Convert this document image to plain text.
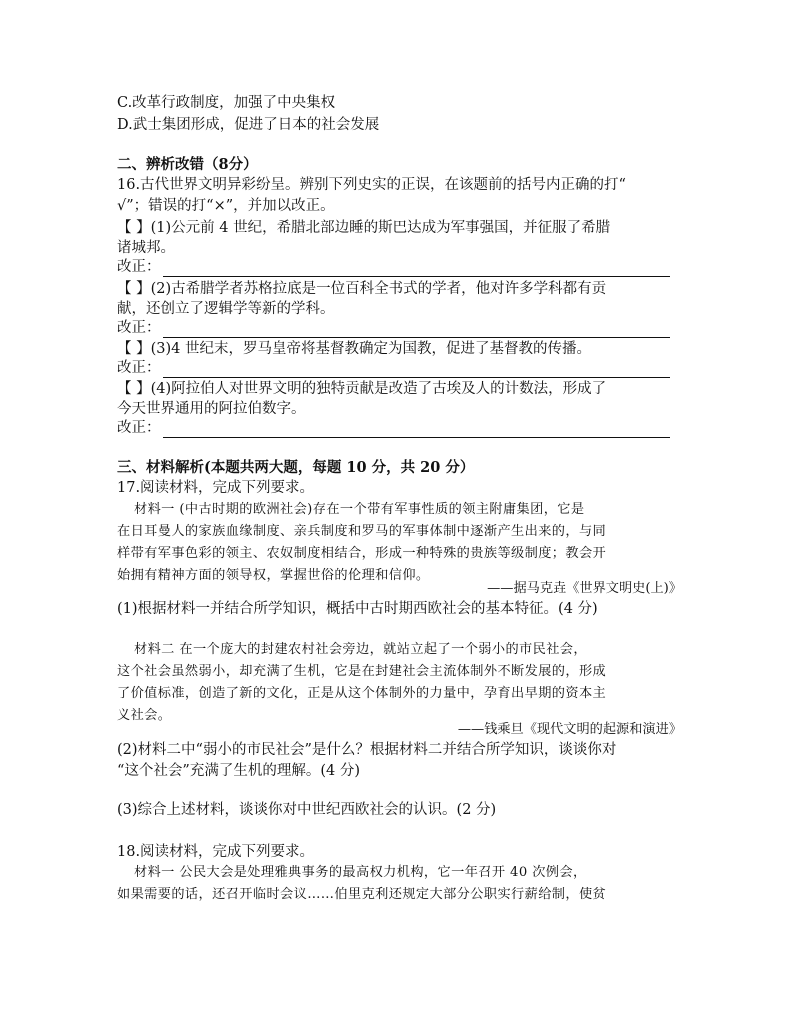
C.改革行政制度，加强了中央集权
D.武士集团形成，促进了日本的社会发展
二、辨析改错（8分）
16.古代世界文明异彩纷呈。辨别下列史实的正误，在该题前的括号内正确的打“
√”；错误的打“×”，并加以改正。
【 】(1)公元前 4 世纪，希腊北部边睡的斯巴达成为军事强国，并征服了希腊
诸城邦。
改正：
【 】(2)古希腊学者苏格拉底是一位百科全书式的学者，他对许多学科都有贡
献，还创立了逻辑学等新的学科。
改正：
【 】(3)4 世纪末，罗马皇帝将基督教确定为国教，促进了基督教的传播。
改正：
【 】(4)阿拉伯人对世界文明的独特贡献是改造了古埃及人的计数法，形成了
今天世界通用的阿拉伯数字。
改正：
三、材料解析(本题共两大题，每题 10 分，共 20 分）
17.阅读材料，完成下列要求。
材料一 (中古时期的欧洲社会)存在一个带有军事性质的领主附庸集团，它是
在日耳曼人的家族血缘制度、亲兵制度和罗马的军事体制中逐渐产生出来的，与同
样带有军事色彩的领主、农奴制度相结合，形成一种特殊的贵族等级制度；教会开
始拥有精神方面的领导权，掌握世俗的伦理和信仰。
——据马克垚《世界文明史(上)》
(1)根据材料一并结合所学知识，概括中古时期西欧社会的基本特征。(4 分)
材料二 在一个庞大的封建农村社会旁边，就站立起了一个弱小的市民社会，
这个社会虽然弱小，却充满了生机，它是在封建社会主流体制外不断发展的，形成
了价值标准，创造了新的文化，正是从这个体制外的力量中，孕育出早期的资本主
义社会。
——钱乘旦《现代文明的起源和演进》
(2)材料二中“弱小的市民社会”是什么？根据材料二并结合所学知识，谈谈你对
“这个社会”充满了生机的理解。(4 分)
(3)综合上述材料，谈谈你对中世纪西欧社会的认识。(2 分)
18.阅读材料，完成下列要求。
材料一 公民大会是处理雅典事务的最高权力机构，它一年召开 40 次例会，
如果需要的话，还召开临时会议……伯里克利还规定大部分公职实行薪给制，使贫
